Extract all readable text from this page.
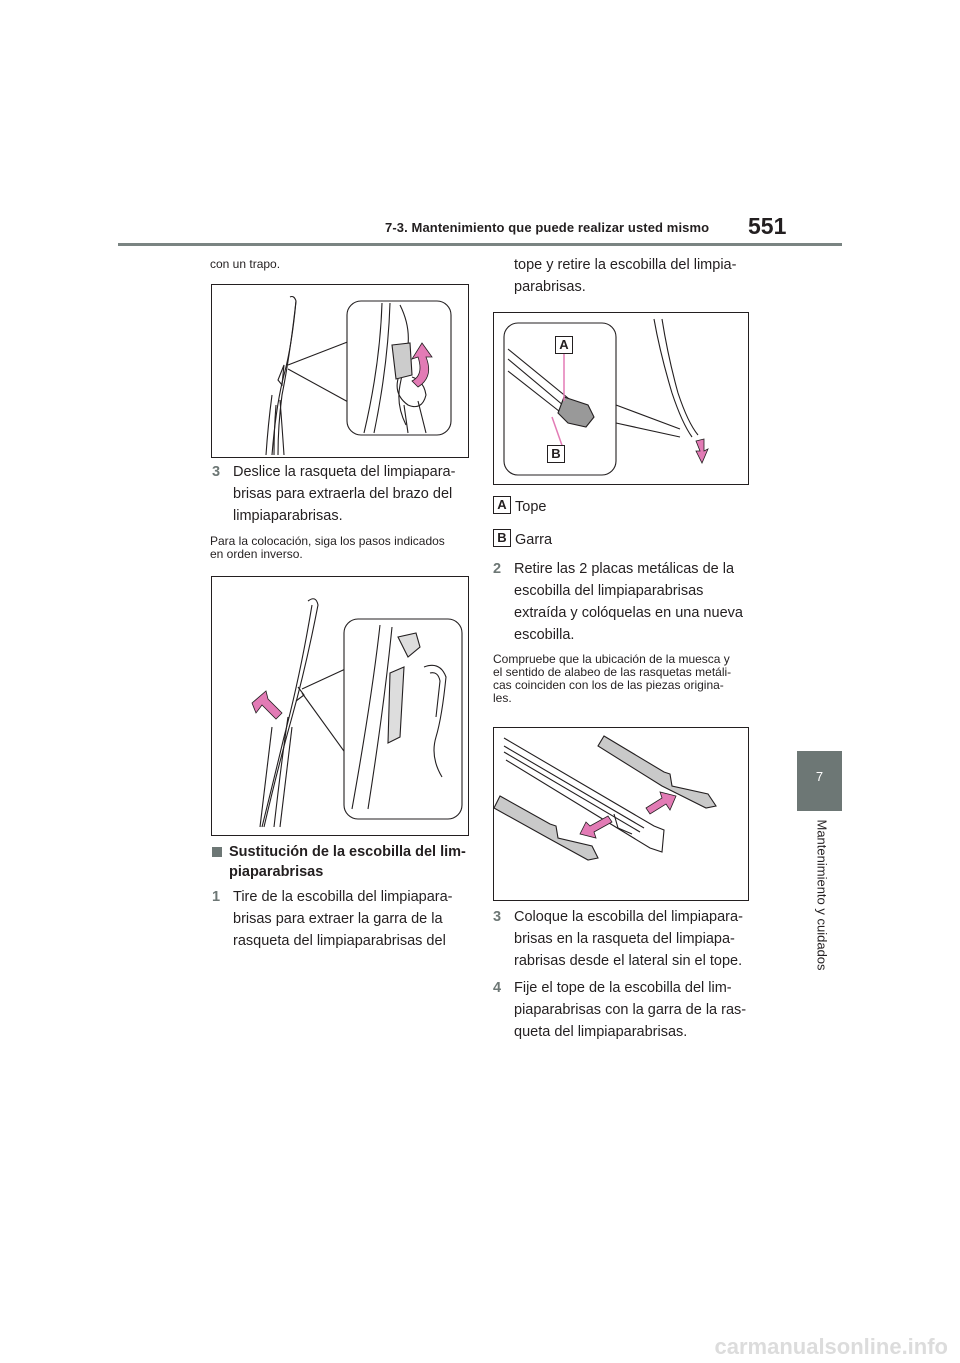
7-3. Mantenimiento que puede realizar usted mismo 551
7
Mantenimiento y cuidados
con un trapo.
3 Deslice la rasqueta del limpiapara-
brisas para extraerla del brazo del
limpiaparabrisas.
Para la colocación, siga los pasos indicados
en orden inverso.
Sustitución de la escobilla del lim-
piaparabrisas
1 Tire de la escobilla del limpiapara-
brisas para extraer la garra de la
rasqueta del limpiaparabrisas del
tope y retire la escobilla del limpia-
parabrisas.
A
B
A Tope
B Garra
2 Retire las 2 placas metálicas de la
escobilla del limpiaparabrisas
extraída y colóquelas en una nueva
escobilla.
Compruebe que la ubicación de la muesca y
el sentido de alabeo de las rasquetas metáli-
cas coinciden con los de las piezas origina-
les.
3 Coloque la escobilla del limpiapara-
brisas en la rasqueta del limpiapa-
rabrisas desde el lateral sin el tope.
4 Fije el tope de la escobilla del lim-
piaparabrisas con la garra de la ras-
queta del limpiaparabrisas.
carmanualsonline.info
